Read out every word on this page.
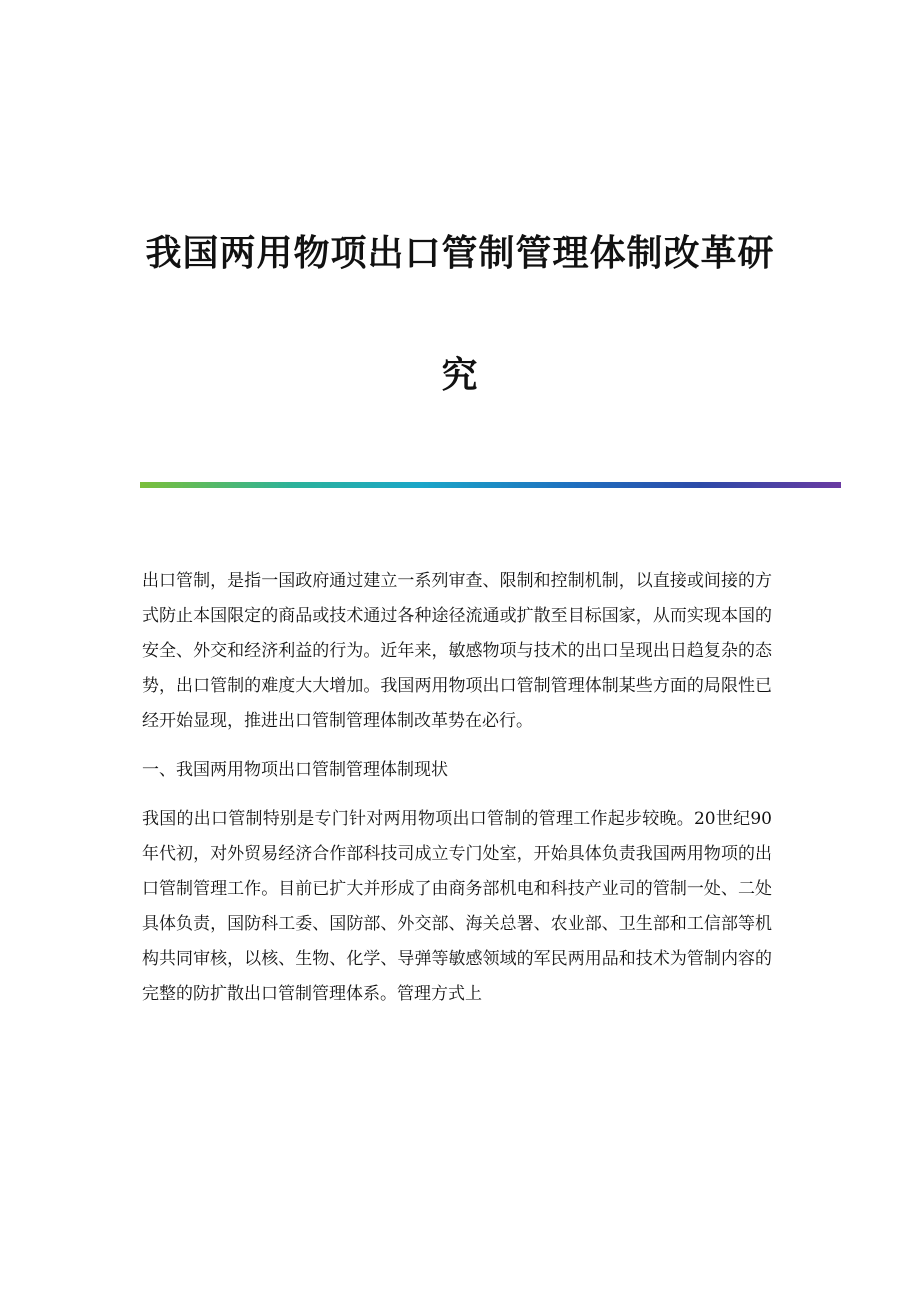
我国两用物项出口管制管理体制改革研
究

出口管制，是指一国政府通过建立一系列审查、限制和控制机制，以直接或间接的方式防止本国限定的商品或技术通过各种途径流通或扩散至目标国家，从而实现本国的安全、外交和经济利益的行为。近年来，敏感物项与技术的出口呈现出日趋复杂的态势，出口管制的难度大大增加。我国两用物项出口管制管理体制某些方面的局限性已经开始显现，推进出口管制管理体制改革势在必行。

一、我国两用物项出口管制管理体制现状

我国的出口管制特别是专门针对两用物项出口管制的管理工作起步较晚。20世纪90年代初，对外贸易经济合作部科技司成立专门处室，开始具体负责我国两用物项的出口管制管理工作。目前已扩大并形成了由商务部机电和科技产业司的管制一处、二处具体负责，国防科工委、国防部、外交部、海关总署、农业部、卫生部和工信部等机构共同审核，以核、生物、化学、导弹等敏感领域的军民两用品和技术为管制内容的完整的防扩散出口管制管理体系。管理方式上
